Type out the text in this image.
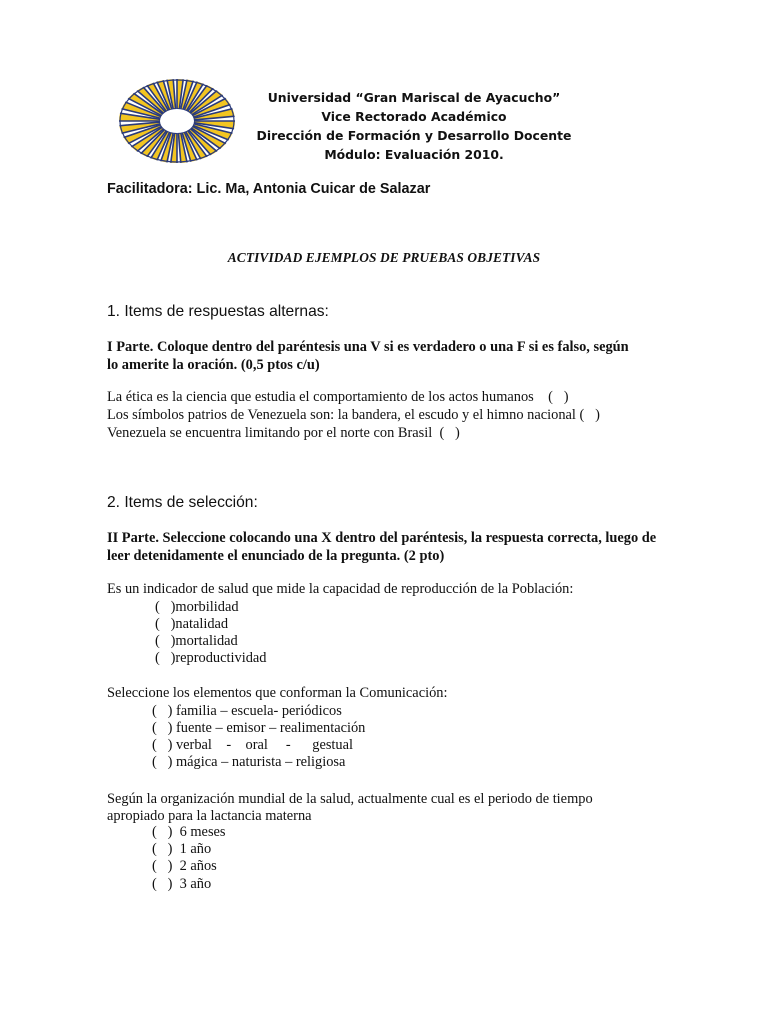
Universidad “Gran Mariscal de Ayacucho”
Vice Rectorado Académico
Dirección de Formación y Desarrollo Docente
Módulo: Evaluación 2010.
Facilitadora: Lic. Ma, Antonia Cuicar de Salazar
ACTIVIDAD EJEMPLOS DE PRUEBAS OBJETIVAS
1. Items de respuestas alternas:
I Parte. Coloque dentro del paréntesis una V si es verdadero o una F si es falso, según
lo amerite la oración. (0,5 ptos c/u)
La ética es la ciencia que estudia el comportamiento de los actos humanos    (   )
Los símbolos patrios de Venezuela son: la bandera, el escudo y el himno nacional (   )
Venezuela se encuentra limitando por el norte con Brasil  (   )
2. Items de selección:
II Parte. Seleccione colocando una X dentro del paréntesis, la respuesta correcta, luego de
leer detenidamente el enunciado de la pregunta. (2 pto)
Es un indicador de salud que mide la capacidad de reproducción de la Población:
(   )morbilidad
(   )natalidad
(   )mortalidad
(   )reproductividad
Seleccione los elementos que conforman la Comunicación:
(   ) familia – escuela- periódicos
(   ) fuente – emisor – realimentación
(   ) verbal    -    oral     -      gestual
(   ) mágica – naturista – religiosa
Según la organización mundial de la salud, actualmente cual es el periodo de tiempo
apropiado para la lactancia materna
(   )  6 meses
(   )  1 año
(   )  2 años
(   )  3 año
